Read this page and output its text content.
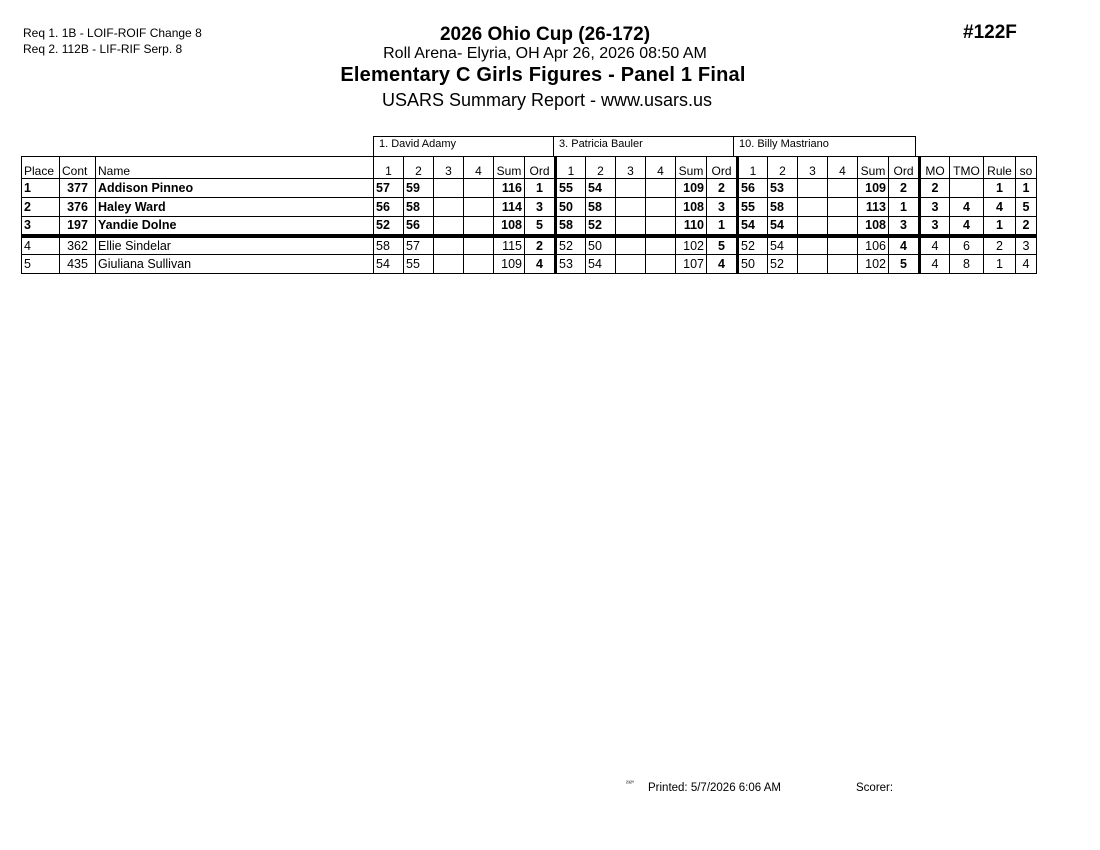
Req 1. 1B - LOIF-ROIF Change 8
Req 2. 112B - LIF-RIF Serp. 8
#122F
2026 Ohio Cup (26-172)
Roll Arena- Elyria, OH Apr 26, 2026 08:50 AM
Elementary C Girls Figures - Panel 1 Final
USARS Summary Report - www.usars.us
1. David Adamy	3. Patricia Bauler	10. Billy Mastriano
Place	Cont	Name	1	2	3	4	Sum	Ord	1	2	3	4	Sum	Ord	1	2	3	4	Sum	Ord	MO	TMO	Rule	so
1	377	Addison Pinneo	57	59			116	1	55	54			109	2	56	53			109	2	2		1	1
2	376	Haley Ward	56	58			114	3	50	58			108	3	55	58			113	1	3	4	4	5
3	197	Yandie Dolne	52	56			108	5	58	52			110	1	54	54			108	3	3	4	1	2
4	362	Ellie Sindelar	58	57			115	2	52	50			102	5	52	54			106	4	4	6	2	3
5	435	Giuliana Sullivan	54	55			109	4	53	54			107	4	50	52			102	5	4	8	1	4
²³²° Printed: 5/7/2026 6:06 AM	Scorer:
